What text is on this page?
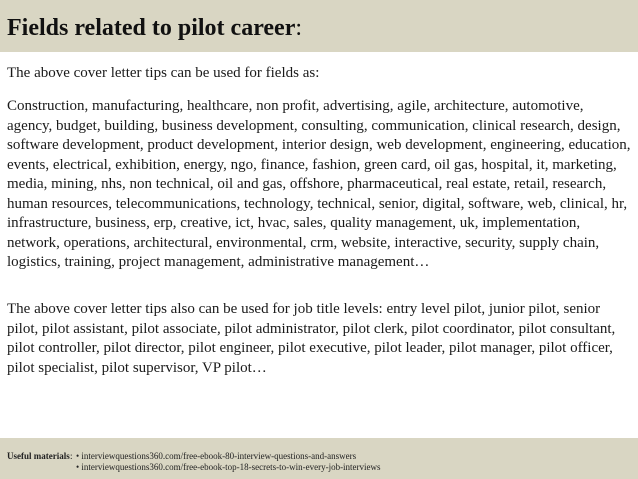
Fields related to pilot career:

The above cover letter tips can be used for fields as:

Construction, manufacturing, healthcare, non profit, advertising, agile, architecture, automotive, agency, budget, building, business development, consulting, communication, clinical research, design, software development, product development, interior design, web development, engineering, education, events, electrical, exhibition, energy, ngo, finance, fashion, green card, oil gas, hospital, it, marketing, media, mining, nhs, non technical, oil and gas, offshore, pharmaceutical, real estate, retail, research, human resources, telecommunications, technology, technical, senior, digital, software, web, clinical, hr, infrastructure, business, erp, creative, ict, hvac, sales, quality management, uk, implementation, network, operations, architectural, environmental, crm, website, interactive, security, supply chain, logistics, training, project management, administrative management…

The above cover letter tips also can be used for job title levels: entry level pilot, junior pilot, senior pilot, pilot assistant, pilot associate, pilot administrator, pilot clerk, pilot coordinator, pilot consultant, pilot controller, pilot director, pilot engineer, pilot executive, pilot leader, pilot manager, pilot officer, pilot specialist, pilot supervisor, VP pilot…

Useful materials : • interviewquestions360.com/free-ebook-80-interview-questions-and-answers
• interviewquestions360.com/free-ebook-top-18-secrets-to-win-every-job-interviews
